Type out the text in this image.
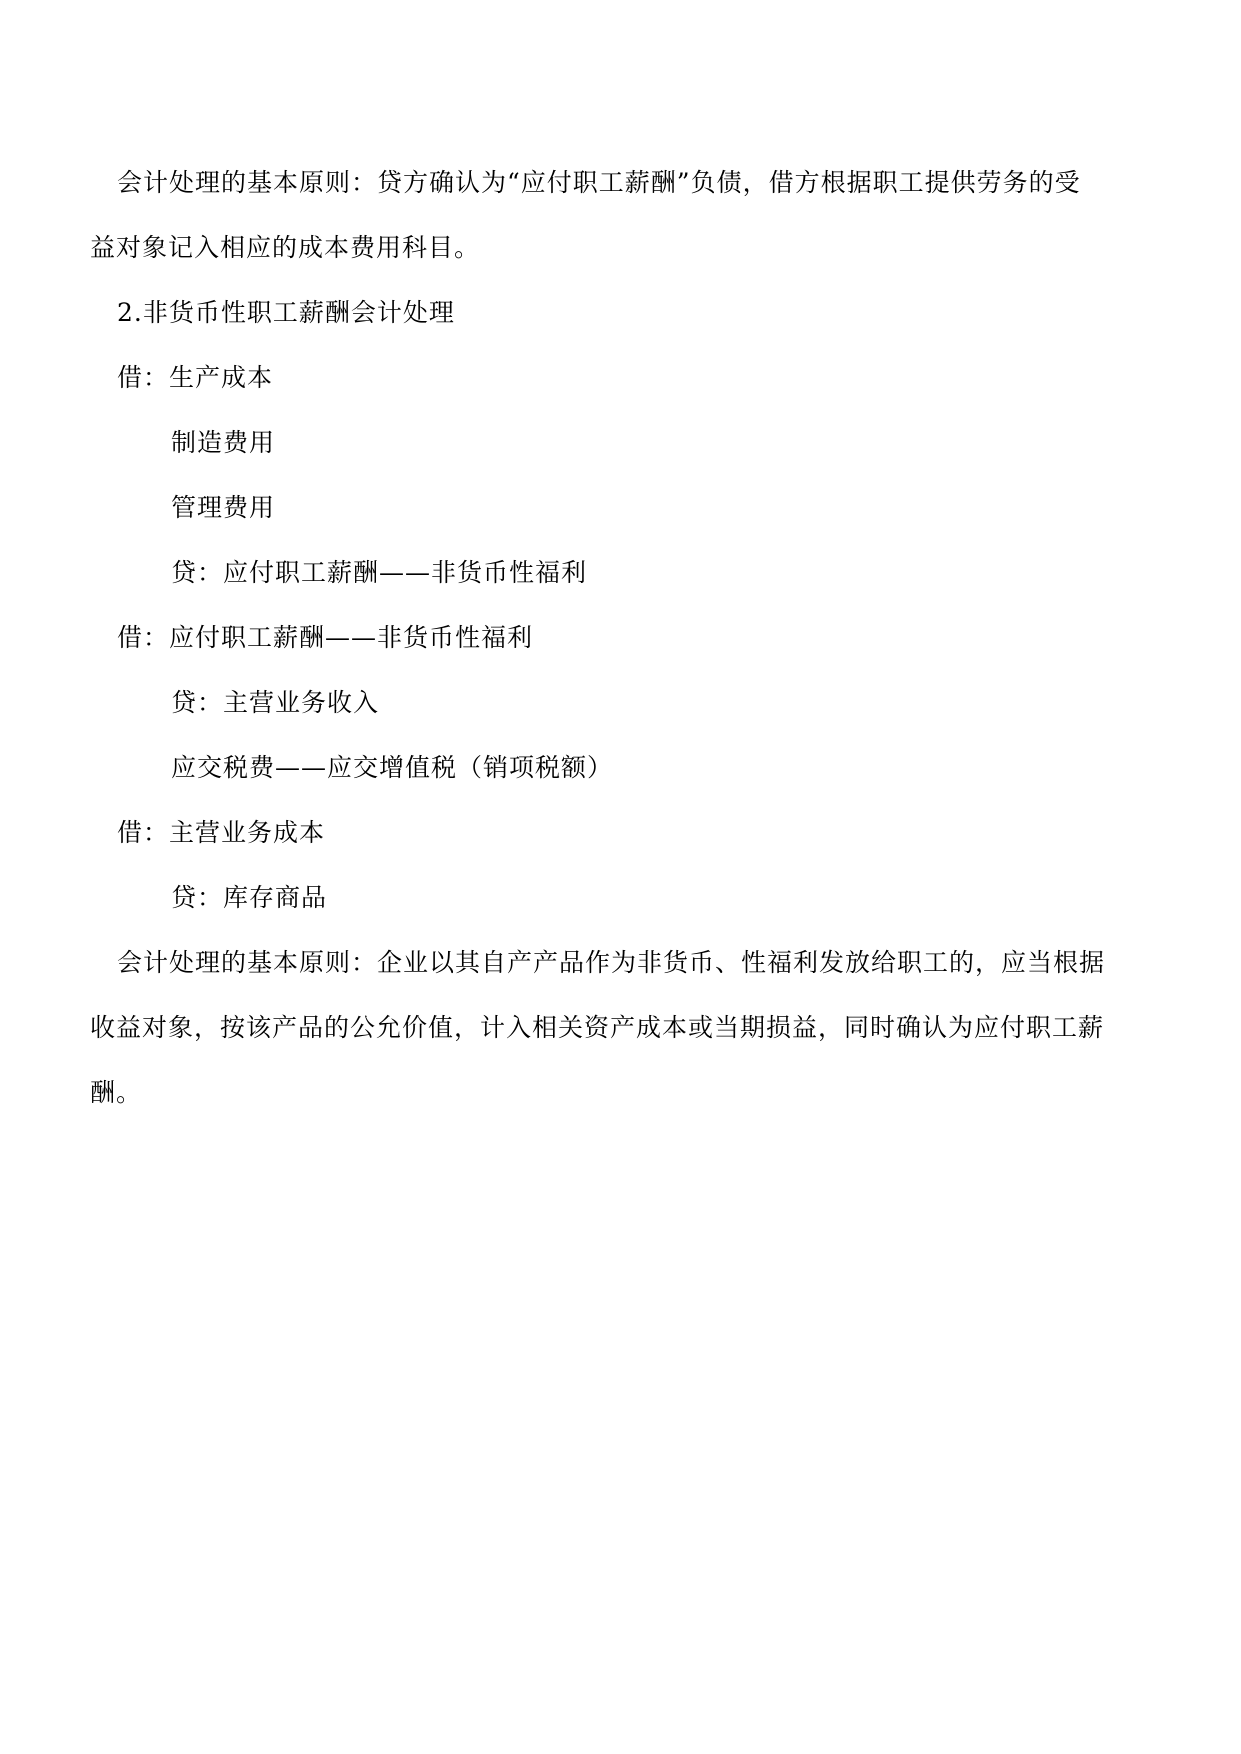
会计处理的基本原则：贷方确认为“应付职工薪酬”负债，借方根据职工提供劳务的受
益对象记入相应的成本费用科目。
2.非货币性职工薪酬会计处理
借：生产成本
制造费用
管理费用
贷：应付职工薪酬——非货币性福利
借：应付职工薪酬——非货币性福利
贷：主营业务收入
应交税费——应交增值税（销项税额）
借：主营业务成本
贷：库存商品
会计处理的基本原则：企业以其自产产品作为非货币、性福利发放给职工的，应当根据
收益对象，按该产品的公允价值，计入相关资产成本或当期损益，同时确认为应付职工薪
酬。
